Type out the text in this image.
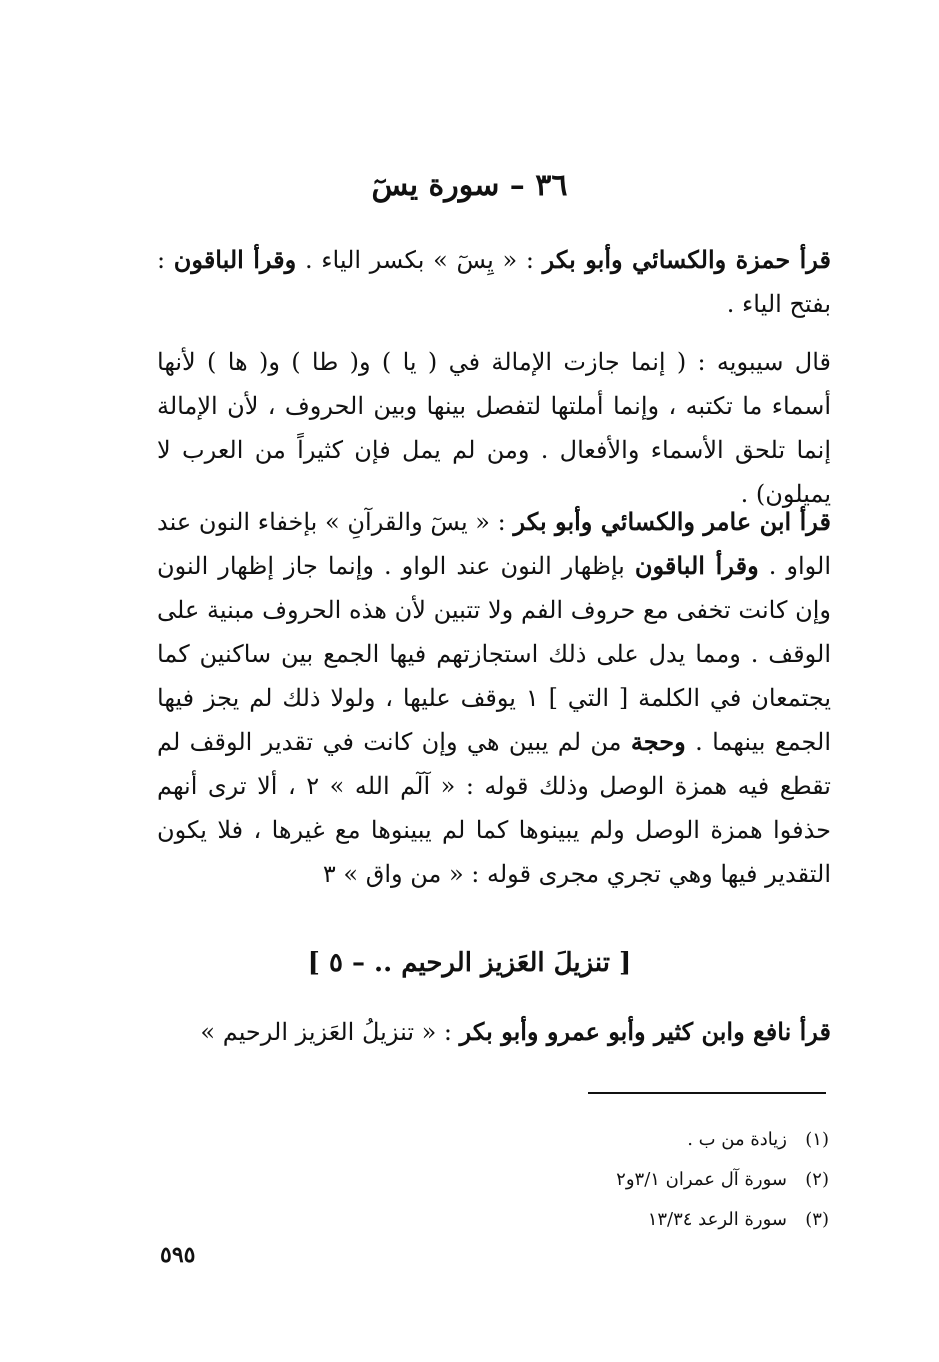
٣٦ – سورة يسٓ
قرأ حمزة والكسائي وأبو بكر : « يِسٓ » بكسر الياء . وقرأ الباقون : بفتح الياء .
قال سيبويه : ( إنما جازت الإمالة في ( يا ) و( طا ) و( ها ) لأنها أسماء ما تكتبه ، وإنما أملتها لتفصل بينها وبين الحروف ، لأن الإمالة إنما تلحق الأسماء والأفعال . ومن لم يمل فإن كثيراً من العرب لا يميلون) .
قرأ ابن عامر والكسائي وأبو بكر : « يسٓ والقرآنِ » بإخفاء النون عند الواو . وقرأ الباقون بإظهار النون عند الواو . وإنما جاز إظهار النون وإن كانت تخفى مع حروف الفم ولا تتبين لأن هذه الحروف مبنية على الوقف . ومما يدل على ذلك استجازتهم فيها الجمع بين ساكنين كما يجتمعان في الكلمة [ التي ] ١ يوقف عليها ، ولولا ذلك لم يجز فيها الجمع بينهما . وحجة من لم يبين هي وإن كانت في تقدير الوقف لم تقطع فيه همزة الوصل وذلك قوله : « آلٓم الله » ٢ ، ألا ترى أنهم حذفوا همزة الوصل ولم يبينوها كما لم يبينوها مع غيرها ، فلا يكون التقدير فيها وهي تجري مجرى قوله : « من واق » ٣
[ تنزيلَ العَزيز الرحيم .. – ٥ ]
قرأ نافع وابن كثير وأبو عمرو وأبو بكر : « تنزيلُ العَزيز الرحيم »
(١)زيادة من ب .
(٢)سورة آل عمران ٣/١و٢
(٣)سورة الرعد ١٣/٣٤
٥٩٥
